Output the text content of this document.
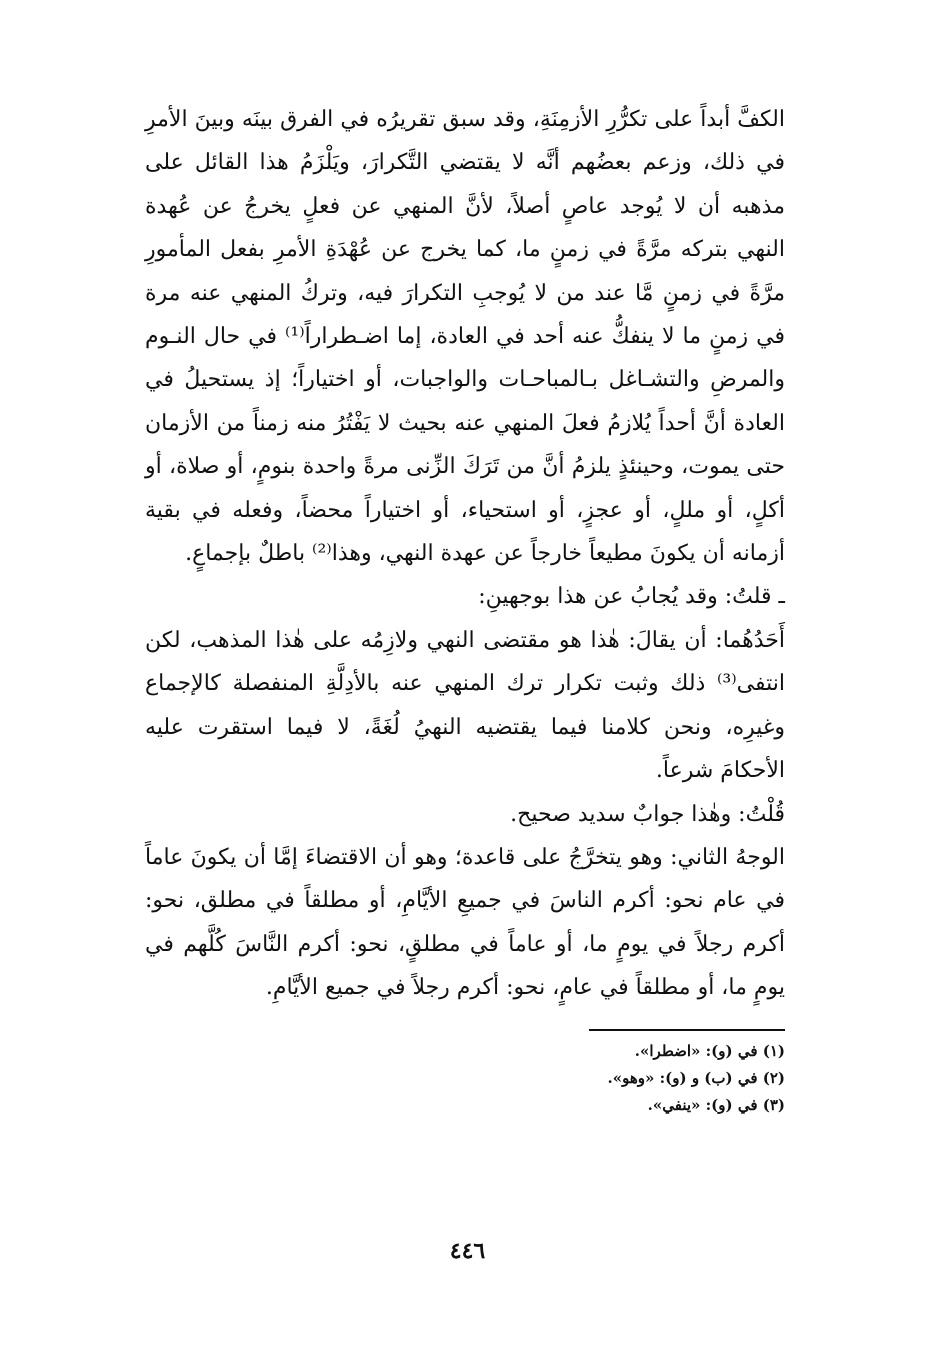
الكفَّ أبداً على تكرُّرِ الأزمِنَةِ، وقد سبق تقريرُه في الفرق بينَه وبينَ الأمرِ في ذلك، وزعم بعضُهم أنَّه لا يقتضي التَّكرارَ، ويَلْزَمُ هذا القائل على مذهبه أن لا يُوجد عاصٍ أصلاً، لأنَّ المنهي عن فعلٍ يخرجُ عن عُهدة النهي بتركه مرَّةً في زمنٍ ما، كما يخرج عن عُهْدَةِ الأمرِ بفعل المأمورِ مرَّةً في زمنٍ مَّا عند من لا يُوجبِ التكرارَ فيه، وتركُ المنهي عنه مرة في زمنٍ ما لا ينفكُّ عنه أحد في العادة، إما اضـطراراً⁽¹⁾ في حال النـوم والمرضِ والتشـاغل بـالمباحـات والواجبات، أو اختياراً؛ إذ يستحيلُ في العادة أنَّ أحداً يُلازمُ فعلَ المنهي عنه بحيث لا يَفْتُرُ منه زمناً من الأزمان حتى يموت، وحينئذٍ يلزمُ أنَّ من تَرَكَ الزِّنى مرةً واحدة بنومٍ، أو صلاة، أو أكلٍ، أو مللٍ، أو عجزٍ، أو استحياء، أو اختياراً محضاً، وفعله في بقية أزمانه أن يكونَ مطيعاً خارجاً عن عهدة النهي، وهذا⁽²⁾ باطلٌ بإجماعٍ.

ـ قلتُ: وقد يُجابُ عن هذا بوجهينِ:

أَحَدُهُما: أن يقالَ: هٰذا هو مقتضى النهي ولازِمُه على هٰذا المذهب، لكن انتفى⁽³⁾ ذلك وثبت تكرار ترك المنهي عنه بالأدِلَّةِ المنفصلة كالإجماع وغيرِه، ونحن كلامنا فيما يقتضيه النهيُ لُغَةً، لا فيما استقرت عليه الأحكامَ شرعاً.

قُلْتُ: وهٰذا جوابٌ سديد صحيح.

الوجهُ الثاني: وهو يتخرَّجُ على قاعدة؛ وهو أن الاقتضاءَ إمَّا أن يكونَ عاماً في عام نحو: أكرم الناسَ في جميعِ الأيَّامِ، أو مطلقاً في مطلق، نحو: أكرم رجلاً في يومٍ ما، أو عاماً في مطلقٍ، نحو: أكرم النَّاسَ كُلَّهم في يومٍ ما، أو مطلقاً في عامٍ، نحو: أكرم رجلاً في جميع الأيَّامِ.

(١) في (و): «اضطرا».

(٢) في (ب) و (و): «وهو».

(٣) في (و): «ينفي».

٤٤٦
